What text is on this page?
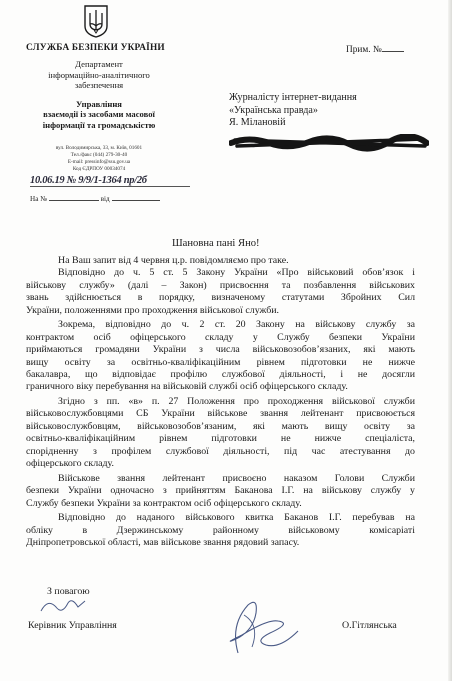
СЛУЖБА БЕЗПЕКИ УКРАЇНИ
Департамент
інформаційно-аналітичного
забезпечення
Управління
взаємодії із засобами масової
інформації та громадськістю
вул. Володимирська, 33, м. Київ, 01601
Тел./факс (044) 279-30-40
E-mail: pressinfo@ssu.gov.ua
Код ЄДРПОУ 00034074
10.06.19 № 9/9/1-1364 пр/2б
На №	від
Прим. №
Журналісту інтернет-видання
«Українська правда»
Я. Мілановій
Шановна пані Яно!
На Ваш запит від 4 червня ц.р. повідомляємо про таке.
Відповідно до ч. 5 ст. 5 Закону України «Про військовий обов’язок і
військову службу» (далі – Закон) присвоєння та позбавлення військових
звань здійснюється в порядку, визначеному статутами Збройних Сил
України, положеннями про проходження військової служби.
Зокрема, відповідно до ч. 2 ст. 20 Закону на військову службу за
контрактом осіб офіцерського складу у Службу безпеки України
приймаються громадяни України з числа військовозобов’язаних, які мають
вищу освіту за освітньо-кваліфікаційним рівнем підготовки не нижче
бакалавра, що відповідає профілю службової діяльності, і не досягли
граничного віку перебування на військовій службі осіб офіцерського складу.
Згідно з пп. «в» п. 27 Положення про проходження військової служби
військовослужбовцями СБ України військове звання лейтенант присвоюється
військовослужбовцям, військовозобов’язаним, які мають вищу освіту за
освітньо-кваліфікаційним рівнем підготовки не нижче спеціаліста,
спорідненну з профілем службової діяльності, під час атестування до
офіцерського складу.
Військове звання лейтенант присвоєно наказом Голови Служби
безпеки України одночасно з прийняттям Баканова І.Г. на військову службу у
Службу безпеки України за контрактом осіб офіцерського складу.
Відповідно до наданого військового квитка Баканов І.Г. перебував на
обліку в Дзержинському районному військовому комісаріаті
Дніпропетровської області, мав військове звання рядовий запасу.
З повагою
Керівник Управління	О.Гітлянська
